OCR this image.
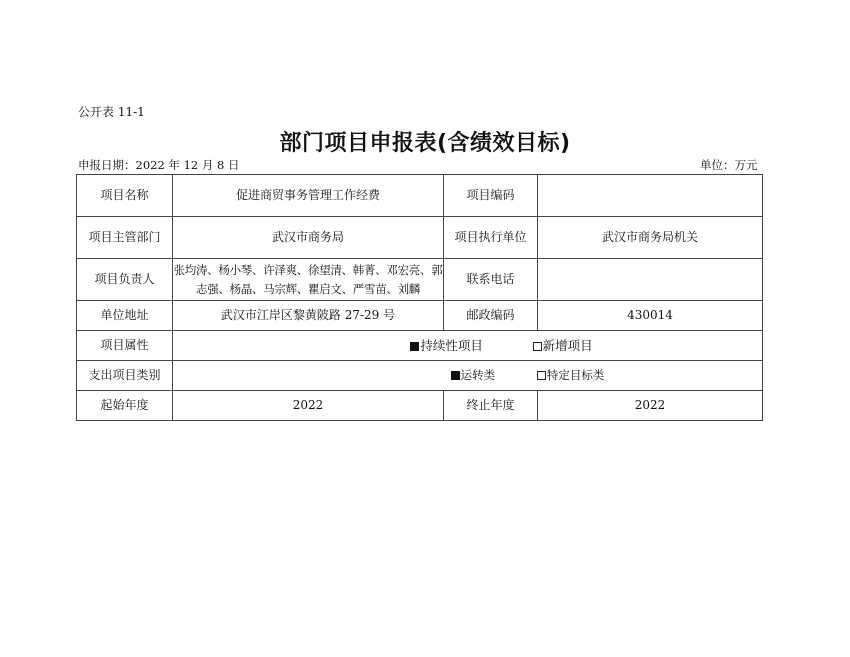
公开表 11-1
部门项目申报表(含绩效目标)
申报日期：2022 年 12 月 8 日	单位：万元
项目名称	促进商贸事务管理工作经费	项目编码	
项目主管部门	武汉市商务局	项目执行单位	武汉市商务局机关
项目负责人	张均涛、杨小琴、许泽爽、徐望清、韩菁、邓宏亮、郭
志强、杨晶、马宗辉、瞿启文、严雪苗、刘麟	联系电话	
单位地址	武汉市江岸区黎黄陂路 27-29 号	邮政编码	430014
项目属性	持续性项目 新增项目		
支出项目类别	运转类 特定目标类		
起始年度	2022	终止年度	2022
